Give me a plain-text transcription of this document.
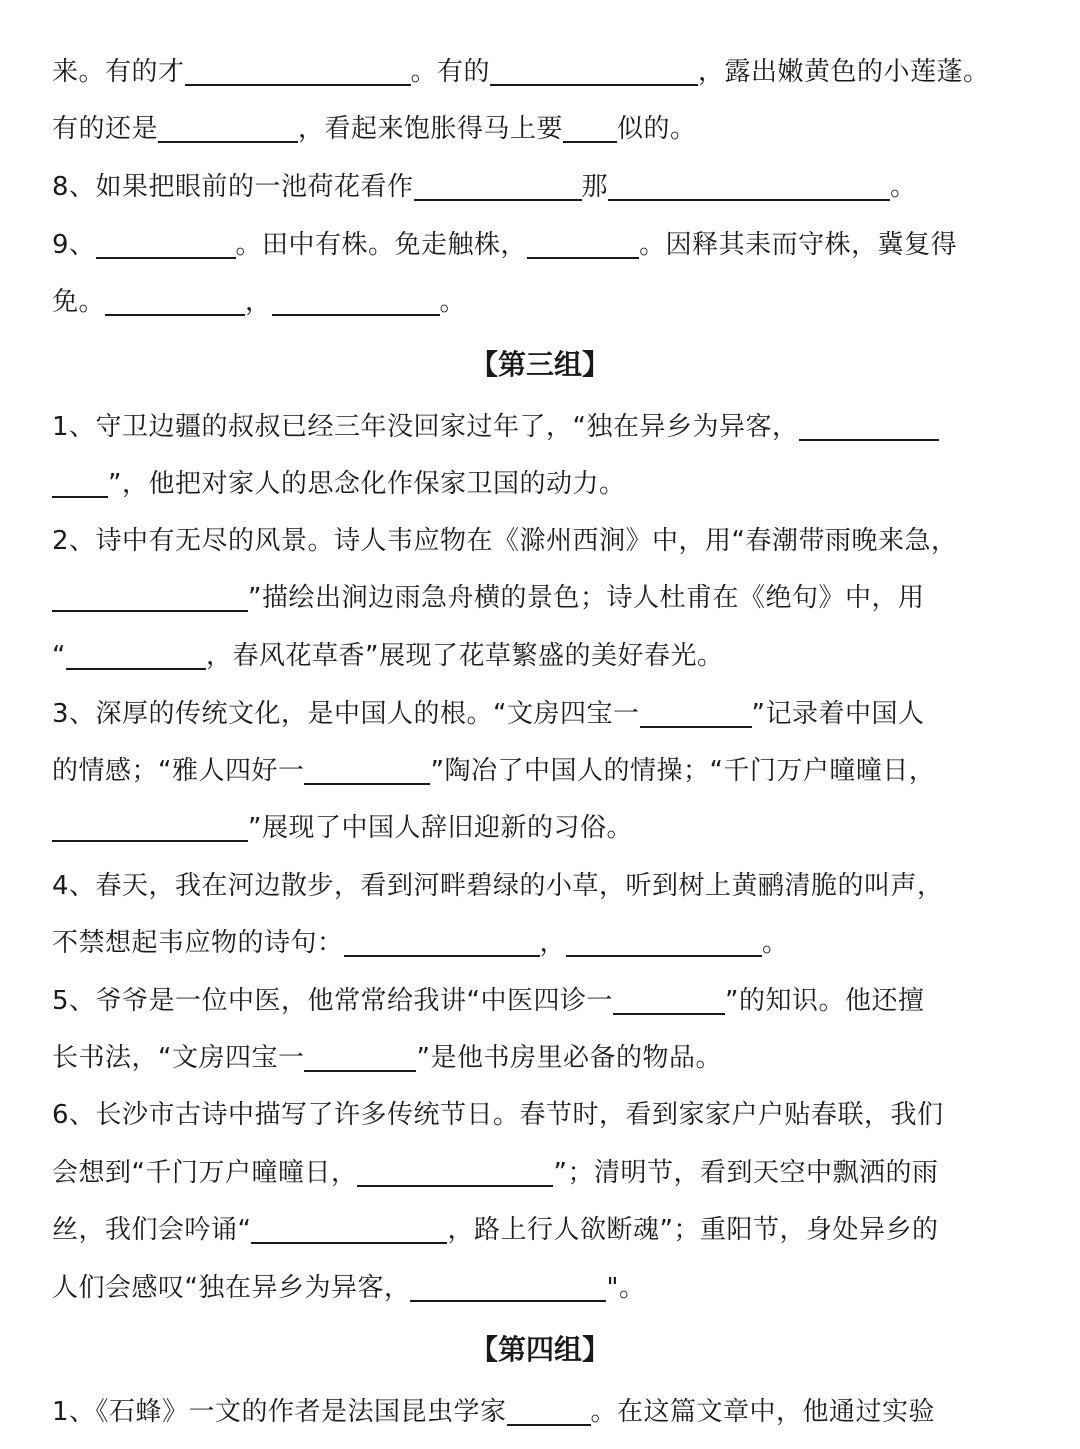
来。有的才	。有的	，露出嫩黄色的小莲蓬。
有的还是	，看起来饱胀得马上要 似的。
8、如果把眼前的一池荷花看作	那	。
9、	。田中有株。免走触株，	。因释其耒而守株，冀复得
免。	，	。
【第三组】
1、守卫边疆的叔叔已经三年没回家过年了，“独在异乡为异客，
”，他把对家人的思念化作保家卫国的动力。
2、诗中有无尽的风景。诗人韦应物在《滁州西涧》中，用“春潮带雨晚来急，
”描绘出涧边雨急舟横的景色；诗人杜甫在《绝句》中，用
“	，春风花草香”展现了花草繁盛的美好春光。
3、深厚的传统文化，是中国人的根。“文房四宝一	”记录着中国人
的情感；“雅人四好一	”陶冶了中国人的情操；“千门万户曈曈日，
”展现了中国人辞旧迎新的习俗。
4、春天，我在河边散步，看到河畔碧绿的小草，听到树上黄鹂清脆的叫声，
不禁想起韦应物的诗句：	，	。
5、爷爷是一位中医，他常常给我讲“中医四诊一	”的知识。他还擅
长书法，“文房四宝一	”是他书房里必备的物品。
6、长沙市古诗中描写了许多传统节日。春节时，看到家家户户贴春联，我们
会想到“千门万户曈曈日，	”；清明节，看到天空中飘洒的雨
丝，我们会吟诵“	，路上行人欲断魂”；重阳节，身处异乡的
人们会感叹“独在异乡为异客，	"。
【第四组】
1、《石蜂》一文的作者是法国昆虫学家	。在这篇文章中，他通过实验
